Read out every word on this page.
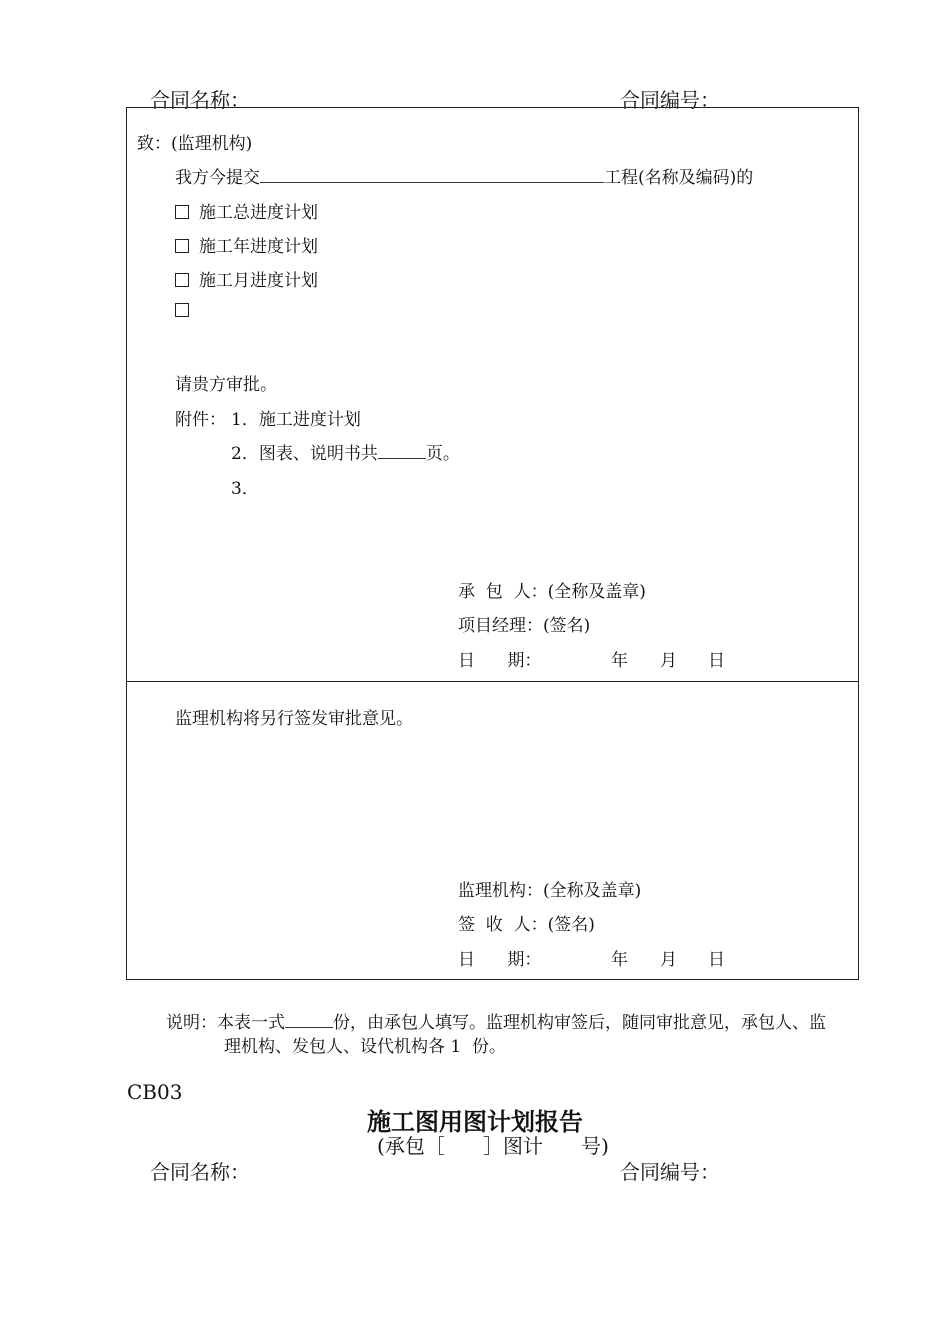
合同名称：	合同编号：
致：(监理机构)
我方今提交	工程(名称及编码)的
施工总进度计划
施工年进度计划
施工月进度计划
请贵方审批。
附件： 1．施工进度计划
2．图表、说明书共	页。
3．
承  包  人：(全称及盖章)
项目经理：(签名)
日      期：	年 月 日
监理机构将另行签发审批意见。
监理机构：(全称及盖章)
签  收  人：(签名)
日      期：	年 月 日
说明：本表一式	份，由承包人填写。监理机构审签后，随同审批意见，承包人、监
理机构、发包人、设代机构各 1  份。
CB03
施工图用图计划报告
(承包［      ］图计      号)
合同名称：	合同编号：
